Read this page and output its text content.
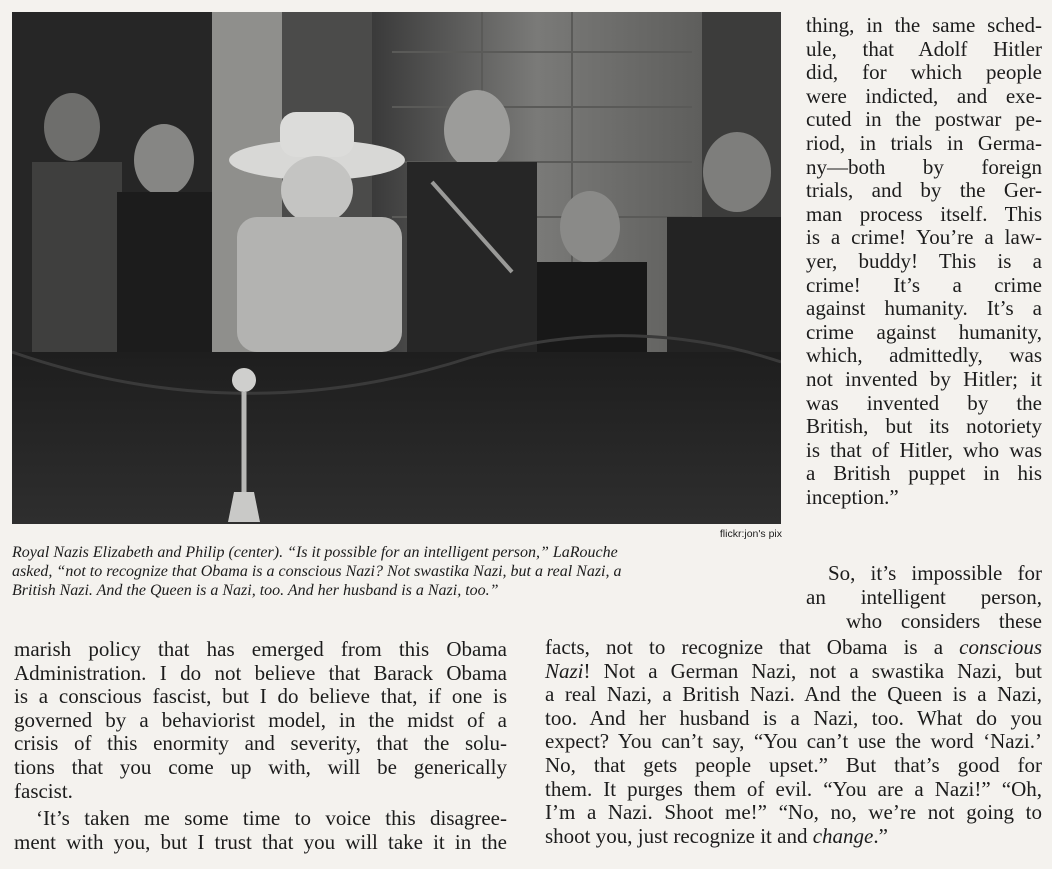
flickr:jon's pix

Royal Nazis Elizabeth and Philip (center). “Is it possible for an intelligent person,” LaRouche

asked, “not to recognize that Obama is a conscious Nazi? Not swastika Nazi, but a real Nazi, a

British Nazi. And the Queen is a Nazi, too. And her husband is a Nazi, too.”

thing, in the same sched-

ule, that Adolf Hitler

did, for which people

were indicted, and exe-

cuted in the postwar pe-

riod, in trials in Germa-

ny—both by foreign

trials, and by the Ger-

man process itself. This

is a crime! You’re a law-

yer, buddy! This is a

crime! It’s a crime

against humanity. It’s a

crime against humanity,

which, admittedly, was

not invented by Hitler; it

was invented by the

British, but its notoriety

is that of Hitler, who was

a British puppet in his

inception.”

So, it’s impossible for

an intelligent person,

who considers these

marish policy that has emerged from this Obama

Administration. I do not believe that Barack Obama

is a conscious fascist, but I do believe that, if one is

governed by a behaviorist model, in the midst of a

crisis of this enormity and severity, that the solu-

tions that you come up with, will be generically

fascist.

‘It’s taken me some time to voice this disagree-

ment with you, but I trust that you will take it in the

facts, not to recognize that Obama is a conscious

Nazi! Not a German Nazi, not a swastika Nazi, but

a real Nazi, a British Nazi. And the Queen is a Nazi,

too. And her husband is a Nazi, too. What do you

expect? You can’t say, “You can’t use the word ‘Nazi.’

No, that gets people upset.” But that’s good for

them. It purges them of evil. “You are a Nazi!” “Oh,

I’m a Nazi. Shoot me!” “No, no, we’re not going to

shoot you, just recognize it and change.”
